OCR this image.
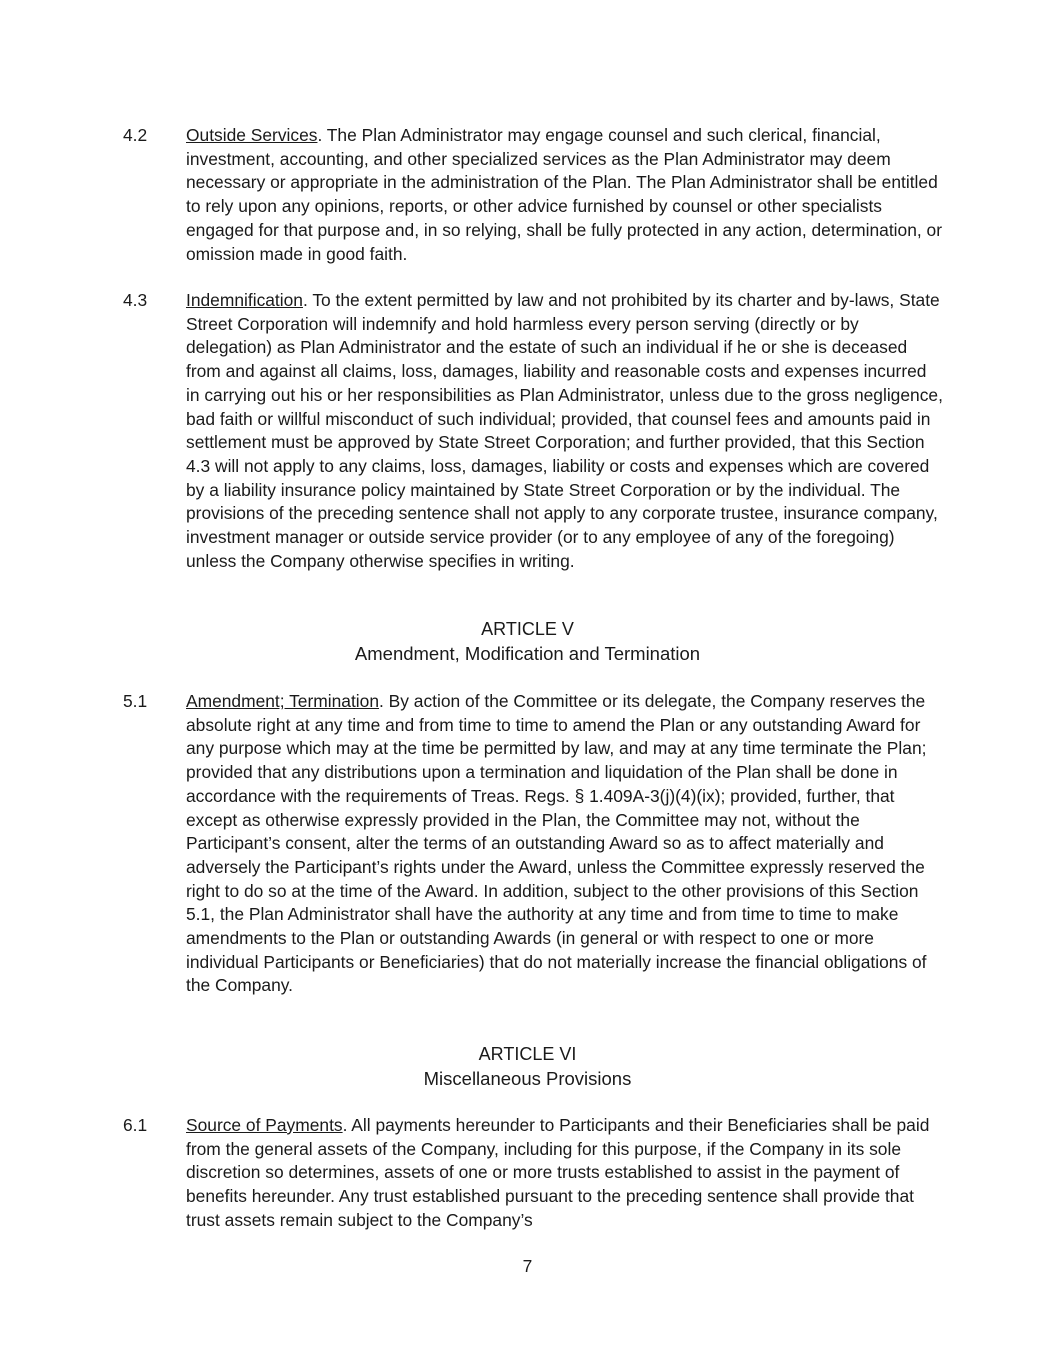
4.2 Outside Services. The Plan Administrator may engage counsel and such clerical, financial, investment, accounting, and other specialized services as the Plan Administrator may deem necessary or appropriate in the administration of the Plan. The Plan Administrator shall be entitled to rely upon any opinions, reports, or other advice furnished by counsel or other specialists engaged for that purpose and, in so relying, shall be fully protected in any action, determination, or omission made in good faith.
4.3 Indemnification. To the extent permitted by law and not prohibited by its charter and by-laws, State Street Corporation will indemnify and hold harmless every person serving (directly or by delegation) as Plan Administrator and the estate of such an individual if he or she is deceased from and against all claims, loss, damages, liability and reasonable costs and expenses incurred in carrying out his or her responsibilities as Plan Administrator, unless due to the gross negligence, bad faith or willful misconduct of such individual; provided, that counsel fees and amounts paid in settlement must be approved by State Street Corporation; and further provided, that this Section 4.3 will not apply to any claims, loss, damages, liability or costs and expenses which are covered by a liability insurance policy maintained by State Street Corporation or by the individual. The provisions of the preceding sentence shall not apply to any corporate trustee, insurance company, investment manager or outside service provider (or to any employee of any of the foregoing) unless the Company otherwise specifies in writing.
ARTICLE V
Amendment, Modification and Termination
5.1 Amendment; Termination. By action of the Committee or its delegate, the Company reserves the absolute right at any time and from time to time to amend the Plan or any outstanding Award for any purpose which may at the time be permitted by law, and may at any time terminate the Plan; provided that any distributions upon a termination and liquidation of the Plan shall be done in accordance with the requirements of Treas. Regs. § 1.409A-3(j)(4)(ix); provided, further, that except as otherwise expressly provided in the Plan, the Committee may not, without the Participant’s consent, alter the terms of an outstanding Award so as to affect materially and adversely the Participant’s rights under the Award, unless the Committee expressly reserved the right to do so at the time of the Award. In addition, subject to the other provisions of this Section 5.1, the Plan Administrator shall have the authority at any time and from time to time to make amendments to the Plan or outstanding Awards (in general or with respect to one or more individual Participants or Beneficiaries) that do not materially increase the financial obligations of the Company.
ARTICLE VI
Miscellaneous Provisions
6.1 Source of Payments. All payments hereunder to Participants and their Beneficiaries shall be paid from the general assets of the Company, including for this purpose, if the Company in its sole discretion so determines, assets of one or more trusts established to assist in the payment of benefits hereunder. Any trust established pursuant to the preceding sentence shall provide that trust assets remain subject to the Company’s
7
